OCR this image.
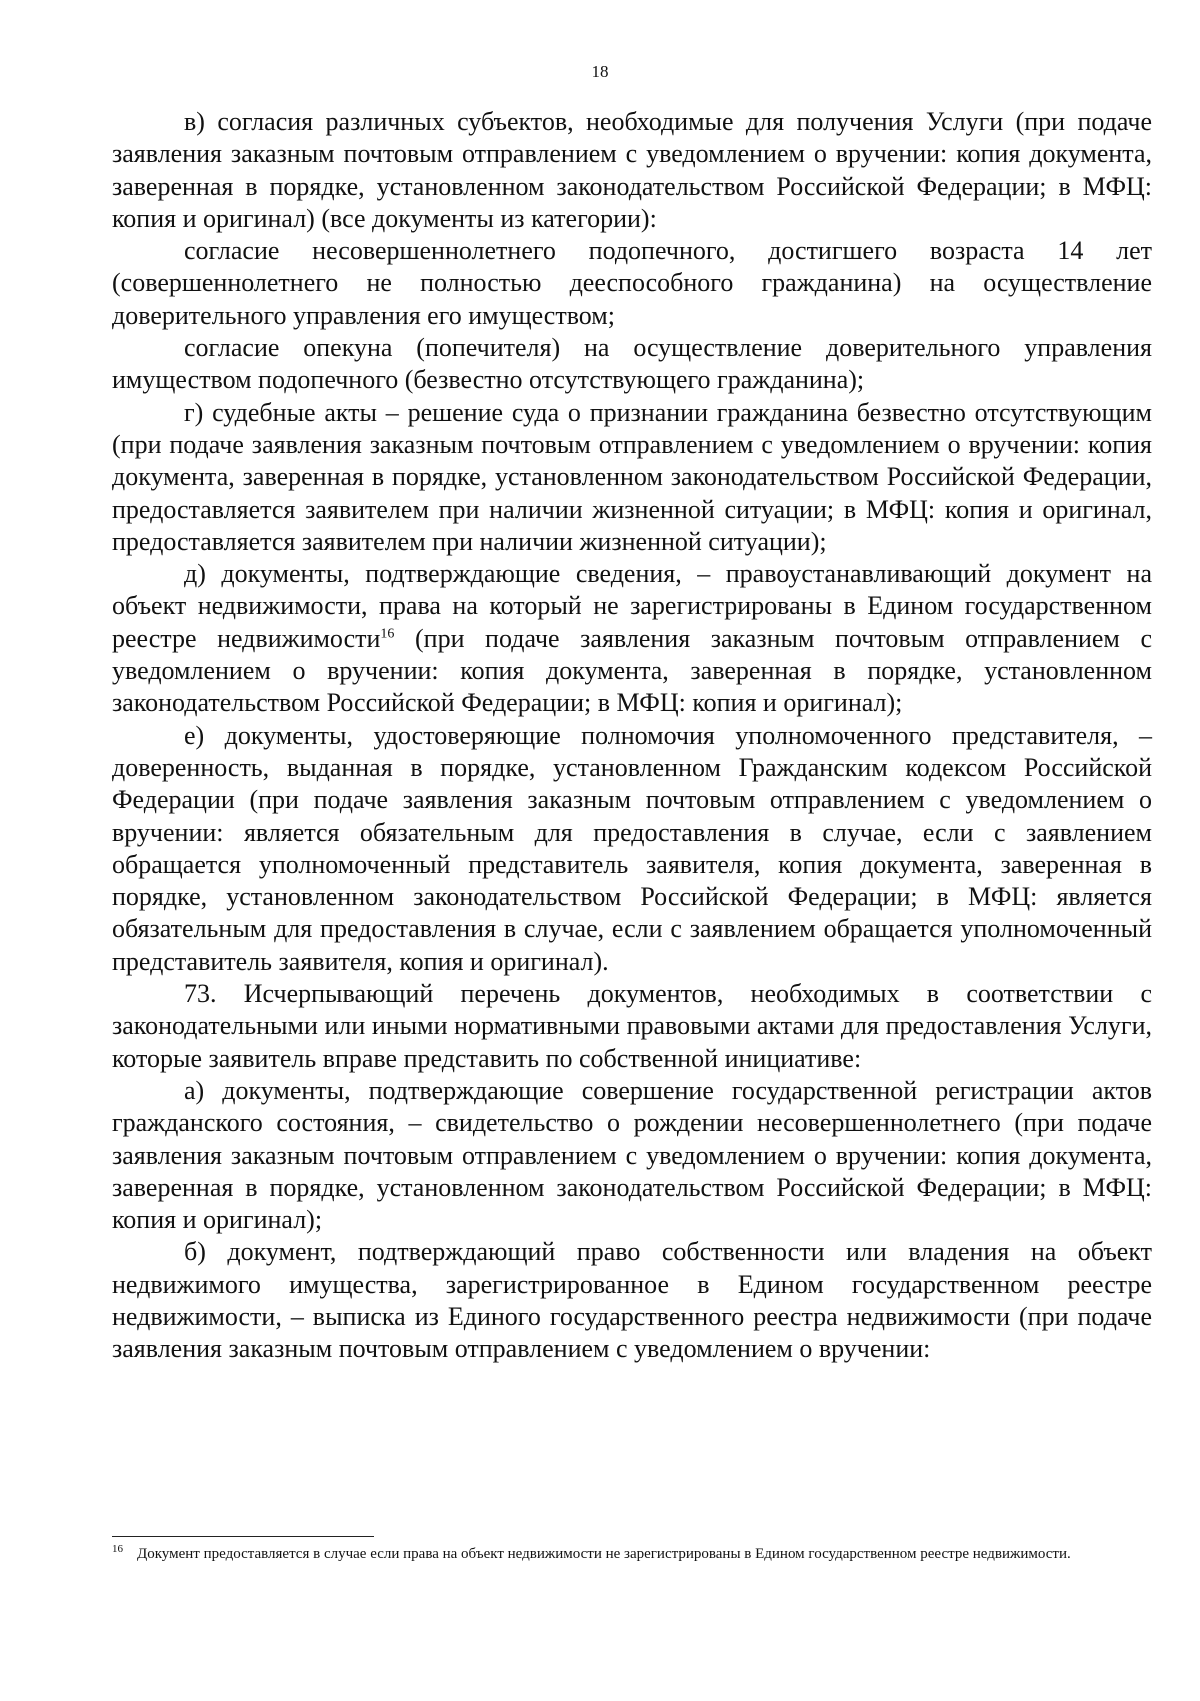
18

в) согласия различных субъектов, необходимые для получения Услуги (при подаче заявления заказным почтовым отправлением с уведомлением о вручении: копия документа, заверенная в порядке, установленном законодательством Российской Федерации; в МФЦ: копия и оригинал) (все документы из категории):

согласие несовершеннолетнего подопечного, достигшего возраста 14 лет (совершеннолетнего не полностью дееспособного гражданина) на осуществление доверительного управления его имуществом;

согласие опекуна (попечителя) на осуществление доверительного управления имуществом подопечного (безвестно отсутствующего гражданина);

г) судебные акты – решение суда о признании гражданина безвестно отсутствующим (при подаче заявления заказным почтовым отправлением с уведомлением о вручении: копия документа, заверенная в порядке, установленном законодательством Российской Федерации, предоставляется заявителем при наличии жизненной ситуации; в МФЦ: копия и оригинал, предоставляется заявителем при наличии жизненной ситуации);

д) документы, подтверждающие сведения, – правоустанавливающий документ на объект недвижимости, права на который не зарегистрированы в Едином государственном реестре недвижимости$^{16}$ (при подаче заявления заказным почтовым отправлением с уведомлением о вручении: копия документа, заверенная в порядке, установленном законодательством Российской Федерации; в МФЦ: копия и оригинал);

е) документы, удостоверяющие полномочия уполномоченного представителя, – доверенность, выданная в порядке, установленном Гражданским кодексом Российской Федерации (при подаче заявления заказным почтовым отправлением с уведомлением о вручении: является обязательным для предоставления в случае, если с заявлением обращается уполномоченный представитель заявителя, копия документа, заверенная в порядке, установленном законодательством Российской Федерации; в МФЦ: является обязательным для предоставления в случае, если с заявлением обращается уполномоченный представитель заявителя, копия и оригинал).

73. Исчерпывающий перечень документов, необходимых в соответствии с законодательными или иными нормативными правовыми актами для предоставления Услуги, которые заявитель вправе представить по собственной инициативе:

а) документы, подтверждающие совершение государственной регистрации актов гражданского состояния, – свидетельство о рождении несовершеннолетнего (при подаче заявления заказным почтовым отправлением с уведомлением о вручении: копия документа, заверенная в порядке, установленном законодательством Российской Федерации; в МФЦ: копия и оригинал);

б) документ, подтверждающий право собственности или владения на объект недвижимого имущества, зарегистрированное в Едином государственном реестре недвижимости, – выписка из Единого государственного реестра недвижимости (при подаче заявления заказным почтовым отправлением с уведомлением о вручении:

$^{16}$ Документ предоставляется в случае если права на объект недвижимости не зарегистрированы в Едином государственном реестре недвижимости.
